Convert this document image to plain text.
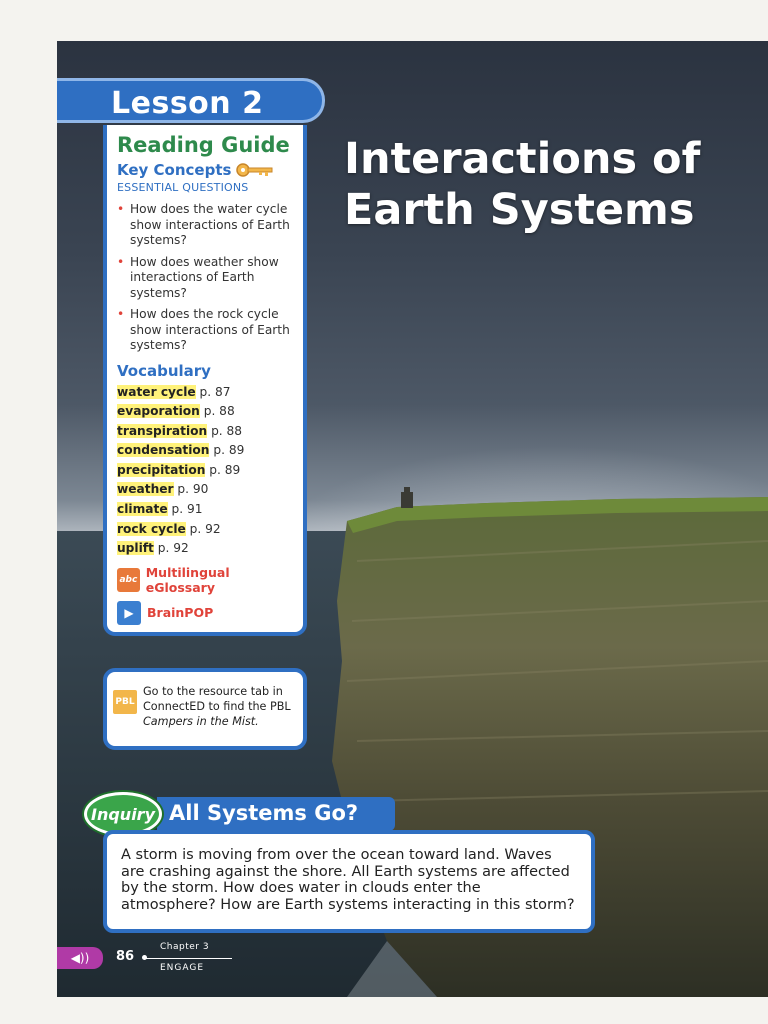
Lesson 2
Reading Guide
Key Concepts
ESSENTIAL QUESTIONS
• How does the water cycle show interactions of Earth systems?
• How does weather show interactions of Earth systems?
• How does the rock cycle show interactions of Earth systems?
Vocabulary
water cycle p. 87
evaporation p. 88
transpiration p. 88
condensation p. 89
precipitation p. 89
weather p. 90
climate p. 91
rock cycle p. 92
uplift p. 92
abc Multilingual eGlossary
▶	BrainPOP
Interactions of
Earth Systems
PBL
Go to the resource tab in ConnectED to find the PBL Campers in the Mist.
All Systems Go?
Inquiry

A storm is moving from over the ocean toward land. Waves are crashing against the shore. All Earth systems are affected by the storm. How does water in clouds enter the atmosphere? How are Earth systems interacting in this storm?

◀)) 86
Chapter 3
ENGAGE
